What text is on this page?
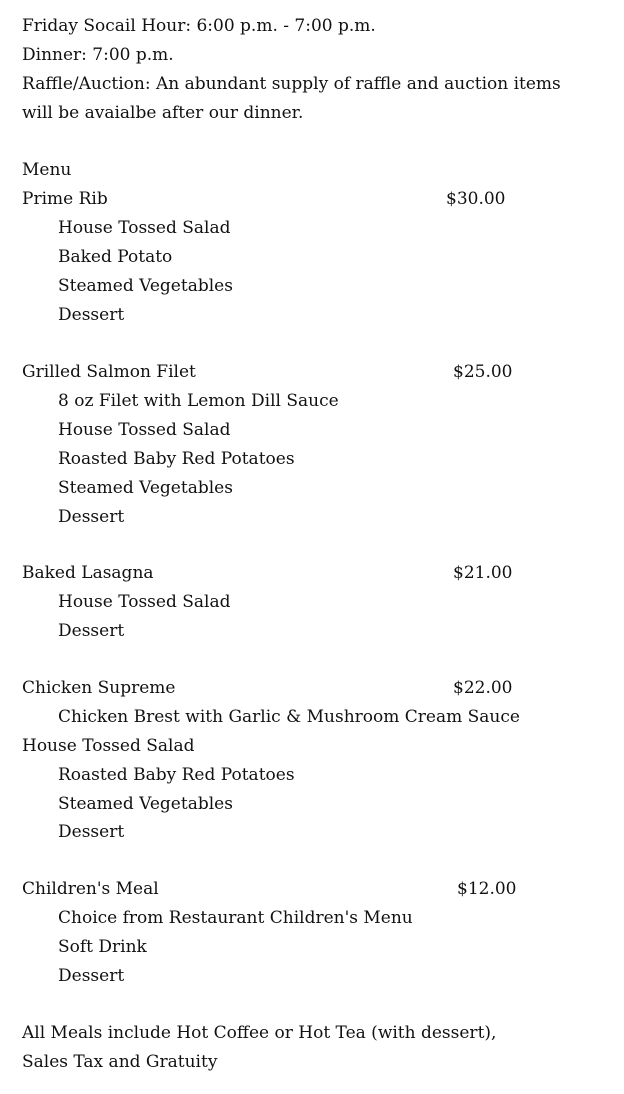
Friday Socail Hour: 6:00 p.m. - 7:00 p.m.
Dinner: 7:00 p.m.
Raffle/Auction: An abundant supply of raffle and auction items
will be avaialbe after our dinner.
Menu
Prime Rib	$30.00
House Tossed Salad
Baked Potato
Steamed Vegetables
Dessert
Grilled Salmon Filet	$25.00
8 oz Filet with Lemon Dill Sauce
House Tossed Salad
Roasted Baby Red Potatoes
Steamed Vegetables
Dessert
Baked Lasagna	$21.00
House Tossed Salad
Dessert
Chicken Supreme	$22.00
Chicken Brest with Garlic & Mushroom Cream Sauce
House Tossed Salad
Roasted Baby Red Potatoes
Steamed Vegetables
Dessert
Children's Meal	$12.00
Choice from Restaurant Children's Menu
Soft Drink
Dessert
All Meals include Hot Coffee or Hot Tea (with dessert),
Sales Tax and Gratuity
